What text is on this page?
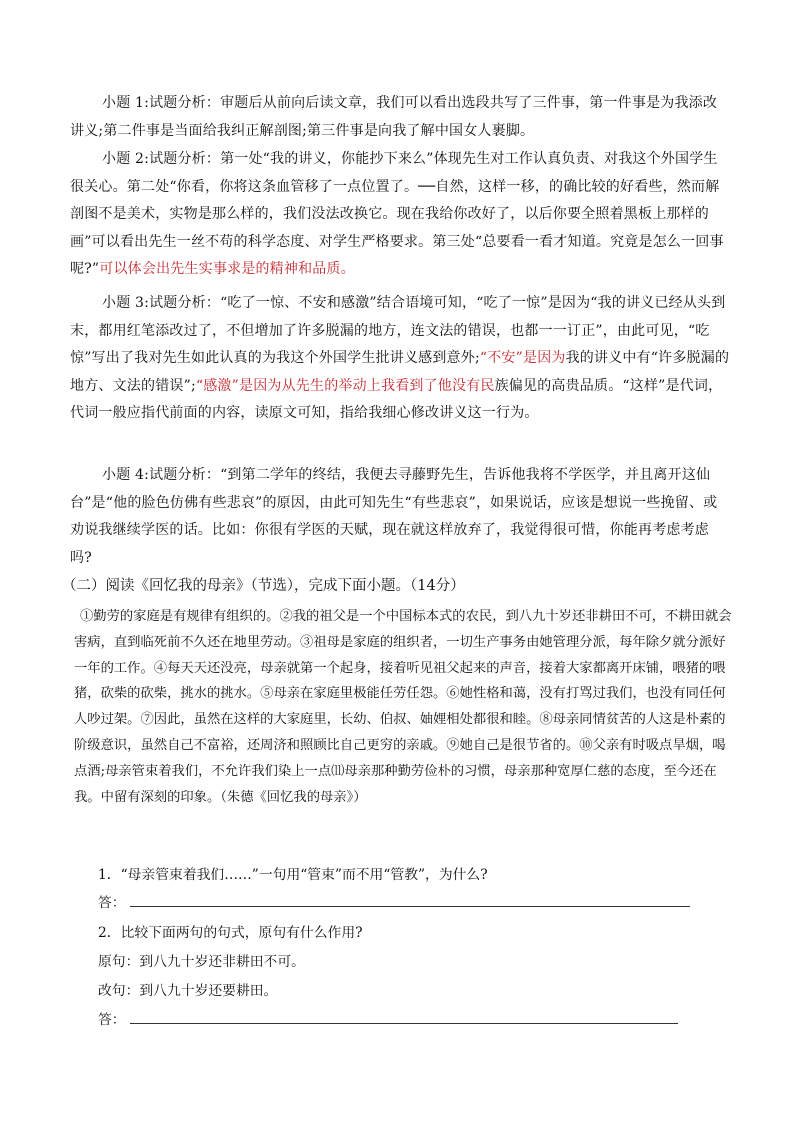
小题 1:试题分析：审题后从前向后读文章，我们可以看出选段共写了三件事，第一件事是为我添改讲义;第二件事是当面给我纠正解剖图;第三件事是向我了解中国女人裹脚。
小题 2:试题分析：第一处“我的讲义，你能抄下来么”体现先生对工作认真负责、对我这个外国学生很关心。第二处“你看，你将这条血管移了一点位置了。──自然，这样一移，的确比较的好看些，然而解剖图不是美术，实物是那么样的，我们没法改换它。现在我给你改好了，以后你要全照着黑板上那样的画”可以看出先生一丝不苟的科学态度、对学生严格要求。第三处“总要看一看才知道。究竟是怎么一回事呢?”可以体会出先生实事求是的精神和品质。
小题 3:试题分析：“吃了一惊、不安和感激”结合语境可知，“吃了一惊”是因为“我的讲义已经从头到末，都用红笔添改过了，不但增加了许多脱漏的地方，连文法的错误，也都一一订正”，由此可见，“吃惊”写出了我对先生如此认真的为我这个外国学生批讲义感到意外;“不安”是因为我的讲义中有“许多脱漏的地方、文法的错误”;“感激”是因为从先生的举动上我看到了他没有民族偏见的高贵品质。“这样”是代词，代词一般应指代前面的内容，读原文可知，指给我细心修改讲义这一行为。
小题 4:试题分析：“到第二学年的终结，我便去寻藤野先生，告诉他我将不学医学，并且离开这仙台”是“他的脸色仿佛有些悲哀”的原因，由此可知先生“有些悲哀”，如果说话，应该是想说一些挽留、或劝说我继续学医的话。比如：你很有学医的天赋，现在就这样放弃了，我觉得很可惜，你能再考虑考虑吗?
（二）阅读《回忆我的母亲》（节选），完成下面小题。（14分）
①勤劳的家庭是有规律有组织的。②我的祖父是一个中国标本式的农民，到八九十岁还非耕田不可，不耕田就会害病，直到临死前不久还在地里劳动。③祖母是家庭的组织者，一切生产事务由她管理分派，每年除夕就分派好一年的工作。④每天天还没亮，母亲就第一个起身，接着听见祖父起来的声音，接着大家都离开床铺，喂猪的喂猪，砍柴的砍柴，挑水的挑水。⑤母亲在家庭里极能任劳任怨。⑥她性格和蔼，没有打骂过我们，也没有同任何人吵过架。⑦因此，虽然在这样的大家庭里，长幼、伯叔、妯娌相处都很和睦。⑧母亲同情贫苦的人这是朴素的阶级意识，虽然自己不富裕，还周济和照顾比自己更穷的亲戚。⑨她自己是很节省的。⑩父亲有时吸点旱烟，喝点酒;母亲管束着我们，不允许我们染上一点⑾母亲那种勤劳俭朴的习惯，母亲那种宽厚仁慈的态度，至今还在我。中留有深刻的印象。（朱德《回忆我的母亲》）
1．“母亲管束着我们……”一句用“管束”而不用“管教”，为什么?
答：
2．比较下面两句的句式，原句有什么作用?
原句：到八九十岁还非耕田不可。
改句：到八九十岁还要耕田。
答：
